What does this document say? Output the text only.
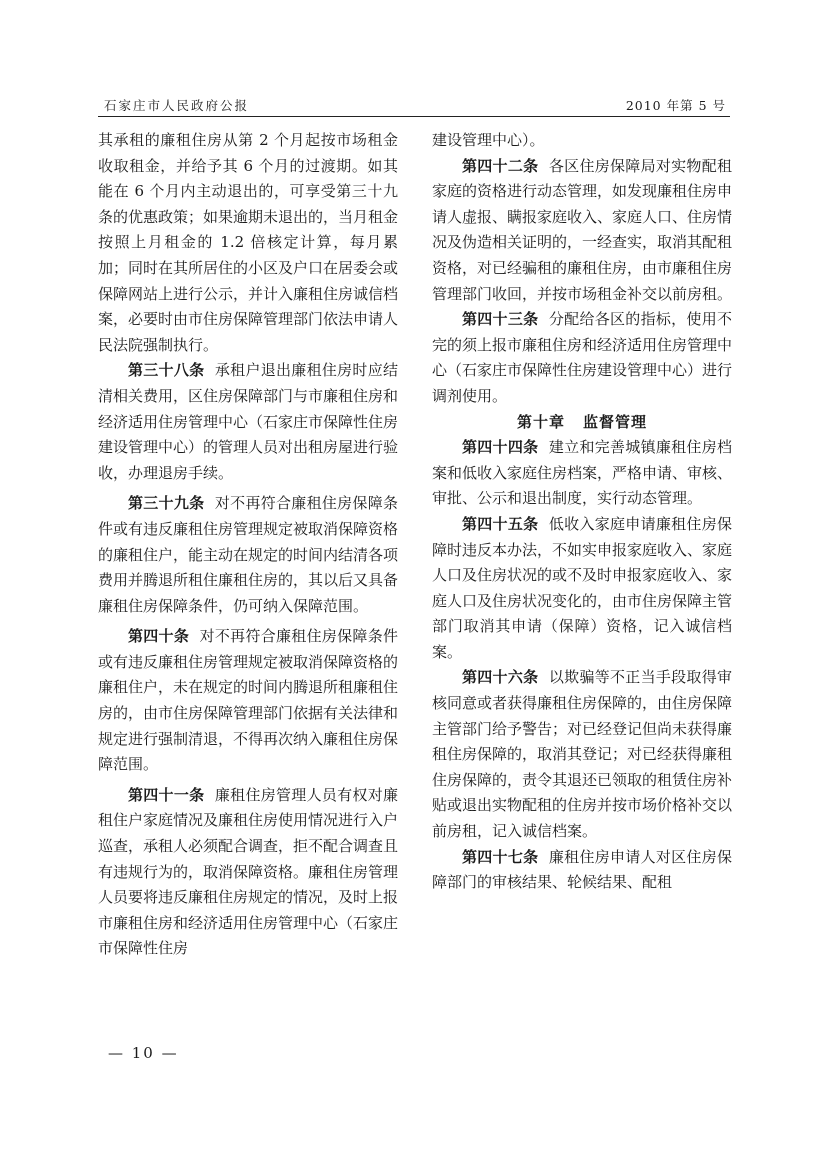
石家庄市人民政府公报	2010 年第 5 号

其承租的廉租住房从第 2 个月起按市场租金收取租金，并给予其 6 个月的过渡期。如其能在 6 个月内主动退出的，可享受第三十九条的优惠政策；如果逾期未退出的，当月租金按照上月租金的 1.2 倍核定计算，每月累加；同时在其所居住的小区及户口在居委会或保障网站上进行公示，并计入廉租住房诚信档案，必要时由市住房保障管理部门依法申请人民法院强制执行。

第三十八条 承租户退出廉租住房时应结清相关费用，区住房保障部门与市廉租住房和经济适用住房管理中心（石家庄市保障性住房建设管理中心）的管理人员对出租房屋进行验收，办理退房手续。

第三十九条 对不再符合廉租住房保障条件或有违反廉租住房管理规定被取消保障资格的廉租住户，能主动在规定的时间内结清各项费用并腾退所租住廉租住房的，其以后又具备廉租住房保障条件，仍可纳入保障范围。

第四十条 对不再符合廉租住房保障条件或有违反廉租住房管理规定被取消保障资格的廉租住户，未在规定的时间内腾退所租廉租住房的，由市住房保障管理部门依据有关法律和规定进行强制清退，不得再次纳入廉租住房保障范围。

第四十一条 廉租住房管理人员有权对廉租住户家庭情况及廉租住房使用情况进行入户巡查，承租人必须配合调查，拒不配合调查且有违规行为的，取消保障资格。廉租住房管理人员要将违反廉租住房规定的情况，及时上报市廉租住房和经济适用住房管理中心（石家庄市保障性住房

建设管理中心）。

第四十二条 各区住房保障局对实物配租家庭的资格进行动态管理，如发现廉租住房申请人虚报、瞒报家庭收入、家庭人口、住房情况及伪造相关证明的，一经查实，取消其配租资格，对已经骗租的廉租住房，由市廉租住房管理部门收回，并按市场租金补交以前房租。

第四十三条 分配给各区的指标，使用不完的须上报市廉租住房和经济适用住房管理中心（石家庄市保障性住房建设管理中心）进行调剂使用。

第十章 监督管理

第四十四条 建立和完善城镇廉租住房档案和低收入家庭住房档案，严格申请、审核、审批、公示和退出制度，实行动态管理。

第四十五条 低收入家庭申请廉租住房保障时违反本办法，不如实申报家庭收入、家庭人口及住房状况的或不及时申报家庭收入、家庭人口及住房状况变化的，由市住房保障主管部门取消其申请（保障）资格，记入诚信档案。

第四十六条 以欺骗等不正当手段取得审核同意或者获得廉租住房保障的，由住房保障主管部门给予警告；对已经登记但尚未获得廉租住房保障的，取消其登记；对已经获得廉租住房保障的，责令其退还已领取的租赁住房补贴或退出实物配租的住房并按市场价格补交以前房租，记入诚信档案。

第四十七条 廉租住房申请人对区住房保障部门的审核结果、轮候结果、配租

— 10 —
